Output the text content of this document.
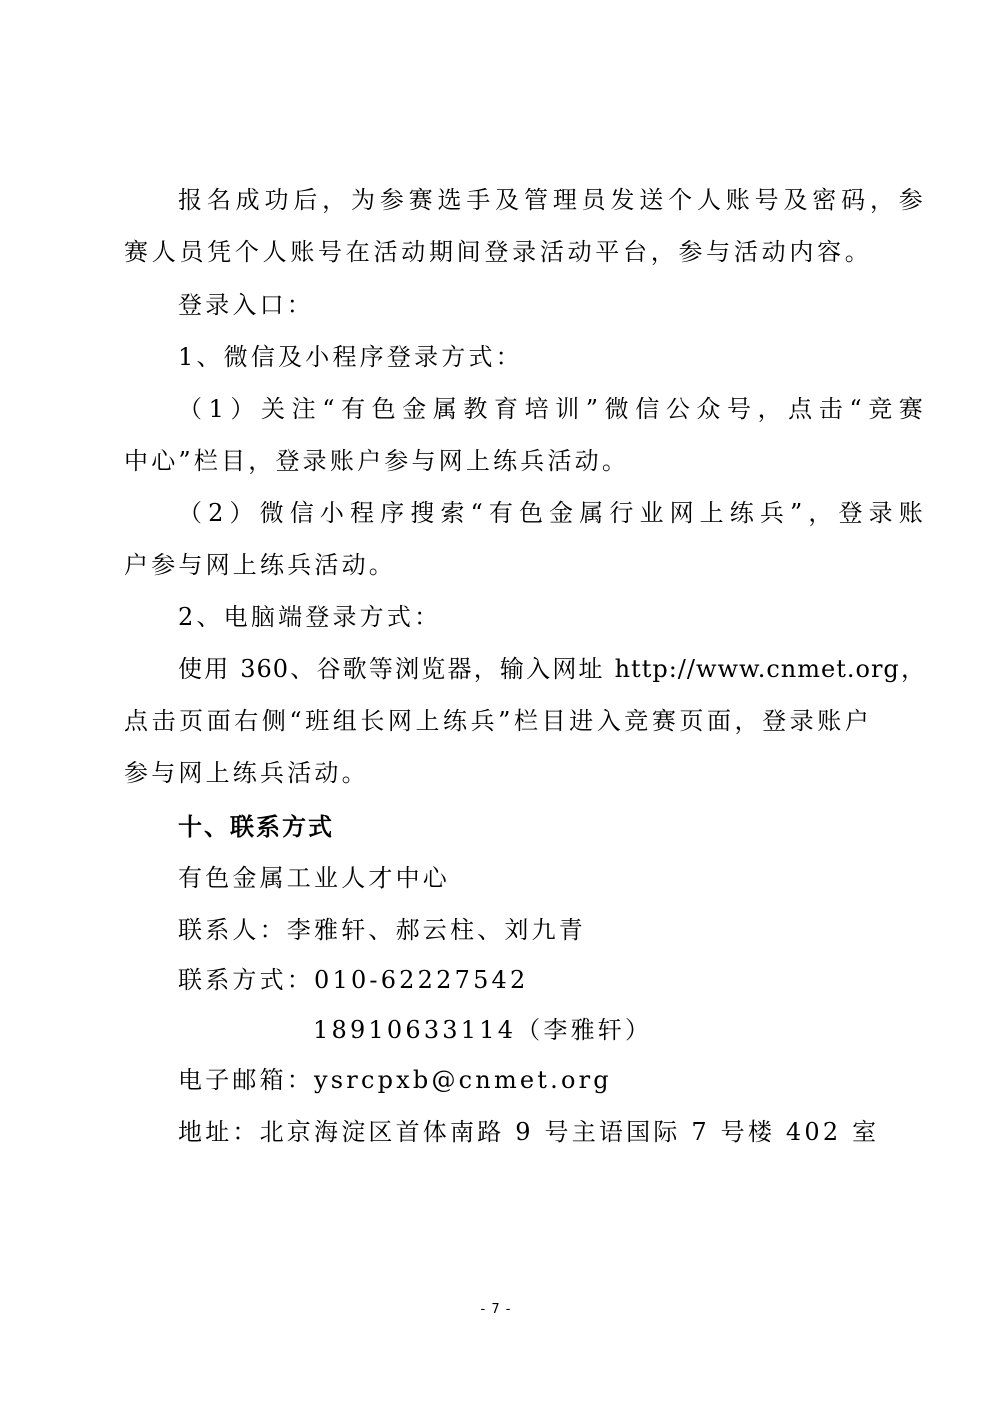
报名成功后，为参赛选手及管理员发送个人账号及密码，参
赛人员凭个人账号在活动期间登录活动平台，参与活动内容。
登录入口：
1、微信及小程序登录方式：
（1）关注“有色金属教育培训”微信公众号，点击“竞赛
中心”栏目，登录账户参与网上练兵活动。
（2）微信小程序搜索“有色金属行业网上练兵”，登录账
户参与网上练兵活动。
2、电脑端登录方式：
使用 360、谷歌等浏览器，输入网址 http://www.cnmet.org，
点击页面右侧“班组长网上练兵”栏目进入竞赛页面，登录账户
参与网上练兵活动。
十、联系方式
有色金属工业人才中心
联系人：李雅轩、郝云柱、刘九青
联系方式：010-62227542
18910633114（李雅轩）
电子邮箱：ysrcpxb@cnmet.org
地址：北京海淀区首体南路 9 号主语国际 7 号楼 402 室
- 7 -
